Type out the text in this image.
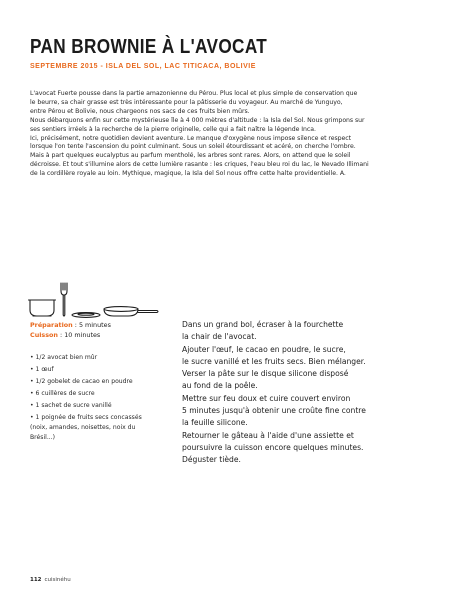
PAN BROWNIE À L'AVOCAT
SEPTEMBRE 2015 - ISLA DEL SOL, LAC TITICACA, BOLIVIE
L'avocat Fuerte pousse dans la partie amazonienne du Pérou. Plus local et plus simple de conservation que
le beurre, sa chair grasse est très intéressante pour la pâtisserie du voyageur. Au marché de Yunguyo,
entre Pérou et Bolivie, nous chargeons nos sacs de ces fruits bien mûrs.
Nous débarquons enfin sur cette mystérieuse île à 4 000 mètres d'altitude : la Isla del Sol. Nous grimpons sur
ses sentiers irréels à la recherche de la pierre originelle, celle qui a fait naître la légende Inca.
Ici, précisément, notre quotidien devient aventure. Le manque d'oxygène nous impose silence et respect
lorsque l'on tente l'ascension du point culminant. Sous un soleil étourdissant et acéré, on cherche l'ombre.
Mais à part quelques eucalyptus au parfum mentholé, les arbres sont rares. Alors, on attend que le soleil
décroisse. Et tout s'illumine alors de cette lumière rasante : les criques, l'eau bleu roi du lac, le Nevado Illimani
de la cordillère royale au loin. Mythique, magique, la Isla del Sol nous offre cette halte providentielle. A.
Préparation : 5 minutes
Cuisson : 10 minutes
• 1/2 avocat bien mûr
• 1 œuf
• 1/2 gobelet de cacao en poudre
• 6 cuillères de sucre
• 1 sachet de sucre vanillé
• 1 poignée de fruits secs concassés
(noix, amandes, noisettes, noix du
Brésil...)
Dans un grand bol, écraser à la fourchette
la chair de l'avocat.
Ajouter l'œuf, le cacao en poudre, le sucre,
le sucre vanillé et les fruits secs. Bien mélanger.
Verser la pâte sur le disque silicone disposé
au fond de la poêle.
Mettre sur feu doux et cuire couvert environ
5 minutes jusqu'à obtenir une croûte fine contre
la feuille silicone.
Retourner le gâteau à l'aide d'une assiette et
poursuivre la cuisson encore quelques minutes.
Déguster tiède.
112 cuisinéhu
